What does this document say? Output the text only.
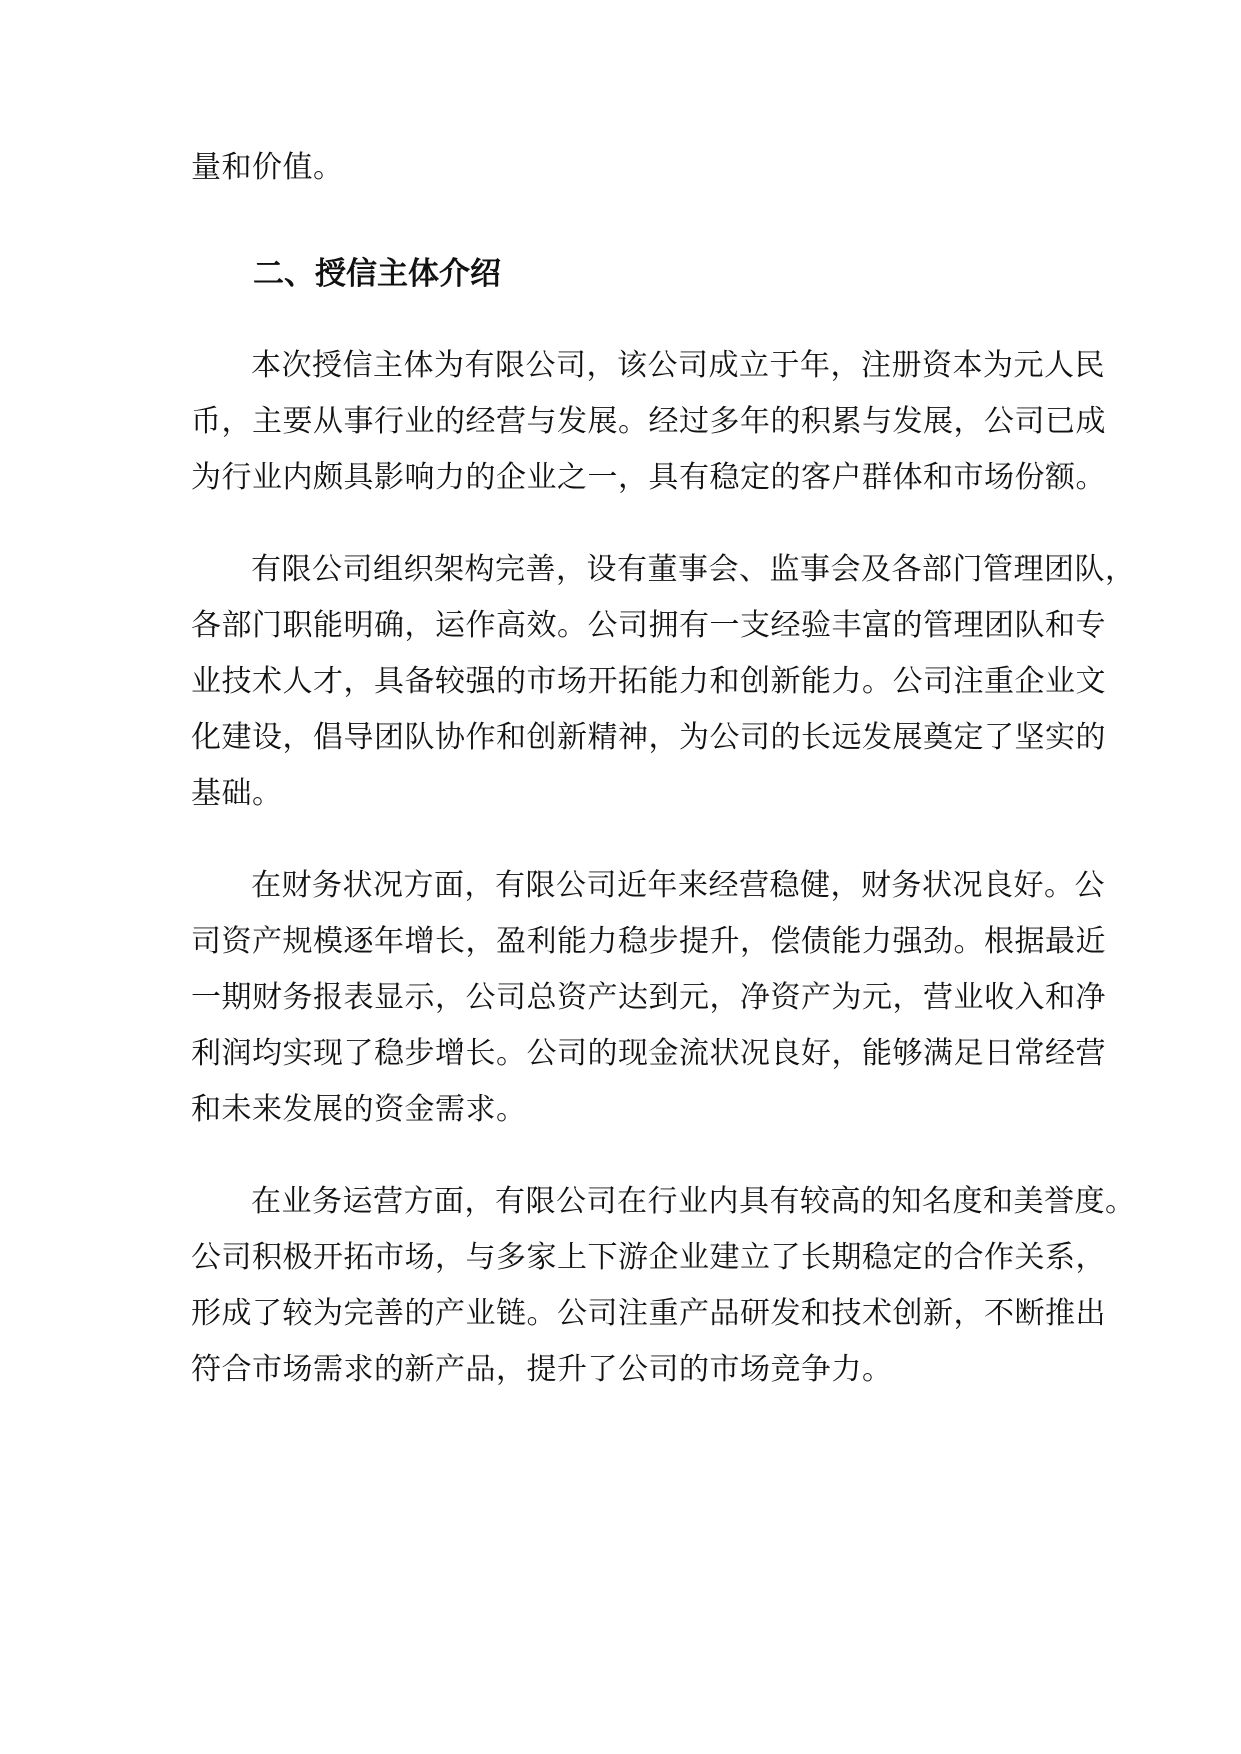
量和价值。

二、授信主体介绍

本次授信主体为有限公司，该公司成立于年，注册资本为元人民

币，主要从事行业的经营与发展。经过多年的积累与发展，公司已成

为行业内颇具影响力的企业之一，具有稳定的客户群体和市场份额。

有限公司组织架构完善，设有董事会、监事会及各部门管理团队，

各部门职能明确，运作高效。公司拥有一支经验丰富的管理团队和专

业技术人才，具备较强的市场开拓能力和创新能力。公司注重企业文

化建设，倡导团队协作和创新精神，为公司的长远发展奠定了坚实的

基础。

在财务状况方面，有限公司近年来经营稳健，财务状况良好。公

司资产规模逐年增长，盈利能力稳步提升，偿债能力强劲。根据最近

一期财务报表显示，公司总资产达到元，净资产为元，营业收入和净

利润均实现了稳步增长。公司的现金流状况良好，能够满足日常经营

和未来发展的资金需求。

在业务运营方面，有限公司在行业内具有较高的知名度和美誉度。

公司积极开拓市场，与多家上下游企业建立了长期稳定的合作关系，

形成了较为完善的产业链。公司注重产品研发和技术创新，不断推出

符合市场需求的新产品，提升了公司的市场竞争力。
